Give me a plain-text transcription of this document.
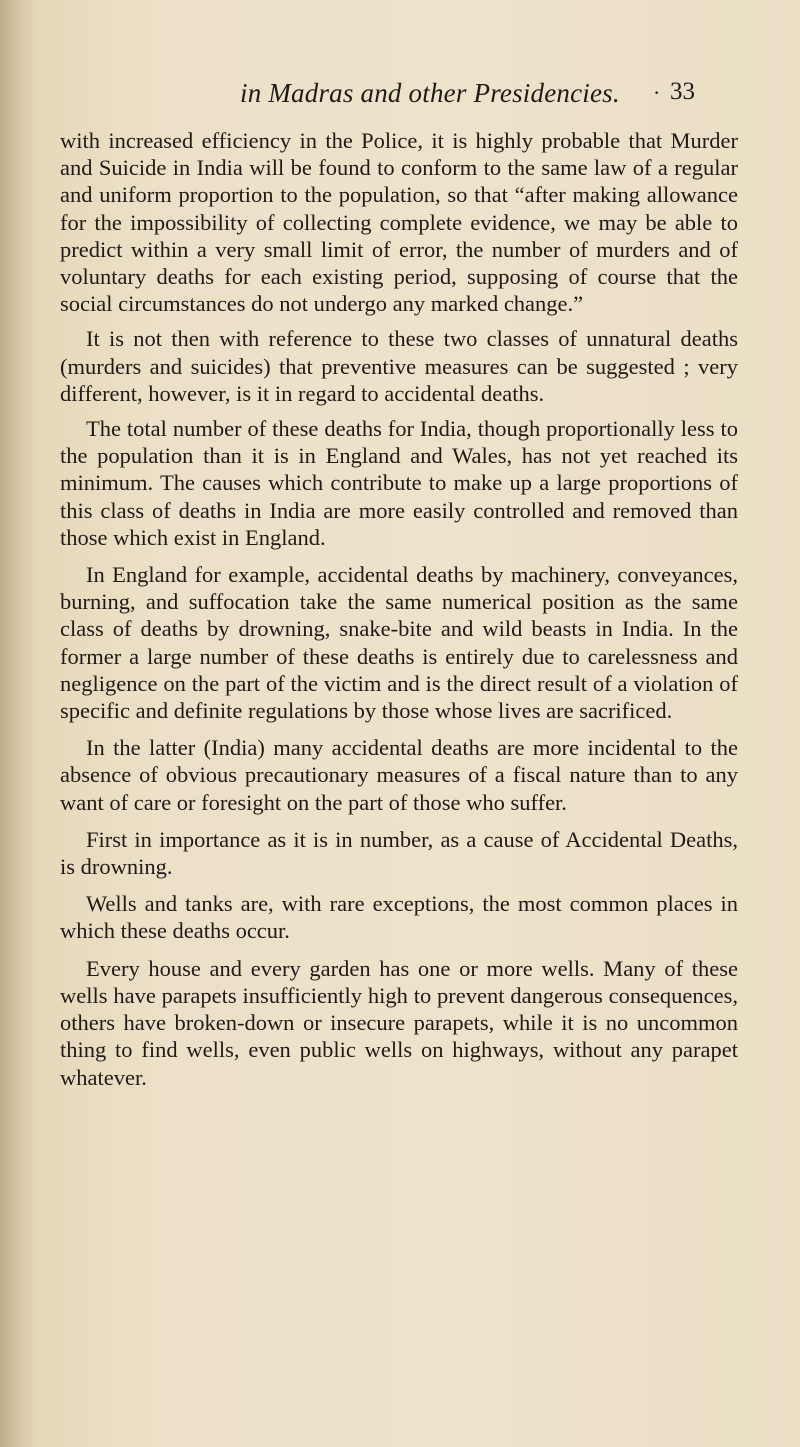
in Madras and other Presidencies. · 33

with increased efficiency in the Police, it is highly probable that Murder and Suicide in India will be found to conform to the same law of a regular and uniform proportion to the population, so that “after making allowance for the impossibility of collecting complete evidence, we may be able to predict within a very small limit of error, the number of murders and of voluntary deaths for each existing period, supposing of course that the social circumstances do not undergo any marked change.”

It is not then with reference to these two classes of unnatural deaths (murders and suicides) that preventive measures can be suggested ; very different, however, is it in regard to accidental deaths.

The total number of these deaths for India, though proportionally less to the population than it is in England and Wales, has not yet reached its minimum. The causes which contribute to make up a large proportions of this class of deaths in India are more easily controlled and removed than those which exist in England.

In England for example, accidental deaths by machinery, conveyances, burning, and suffocation take the same numerical position as the same class of deaths by drowning, snake-bite and wild beasts in India. In the former a large number of these deaths is entirely due to carelessness and negligence on the part of the victim and is the direct result of a violation of specific and definite regulations by those whose lives are sacrificed.

In the latter (India) many accidental deaths are more incidental to the absence of obvious precautionary measures of a fiscal nature than to any want of care or foresight on the part of those who suffer.

First in importance as it is in number, as a cause of Accidental Deaths, is drowning.

Wells and tanks are, with rare exceptions, the most common places in which these deaths occur.

Every house and every garden has one or more wells. Many of these wells have parapets insufficiently high to prevent dangerous consequences, others have broken-down or insecure parapets, while it is no uncommon thing to find wells, even public wells on highways, without any parapet whatever.
